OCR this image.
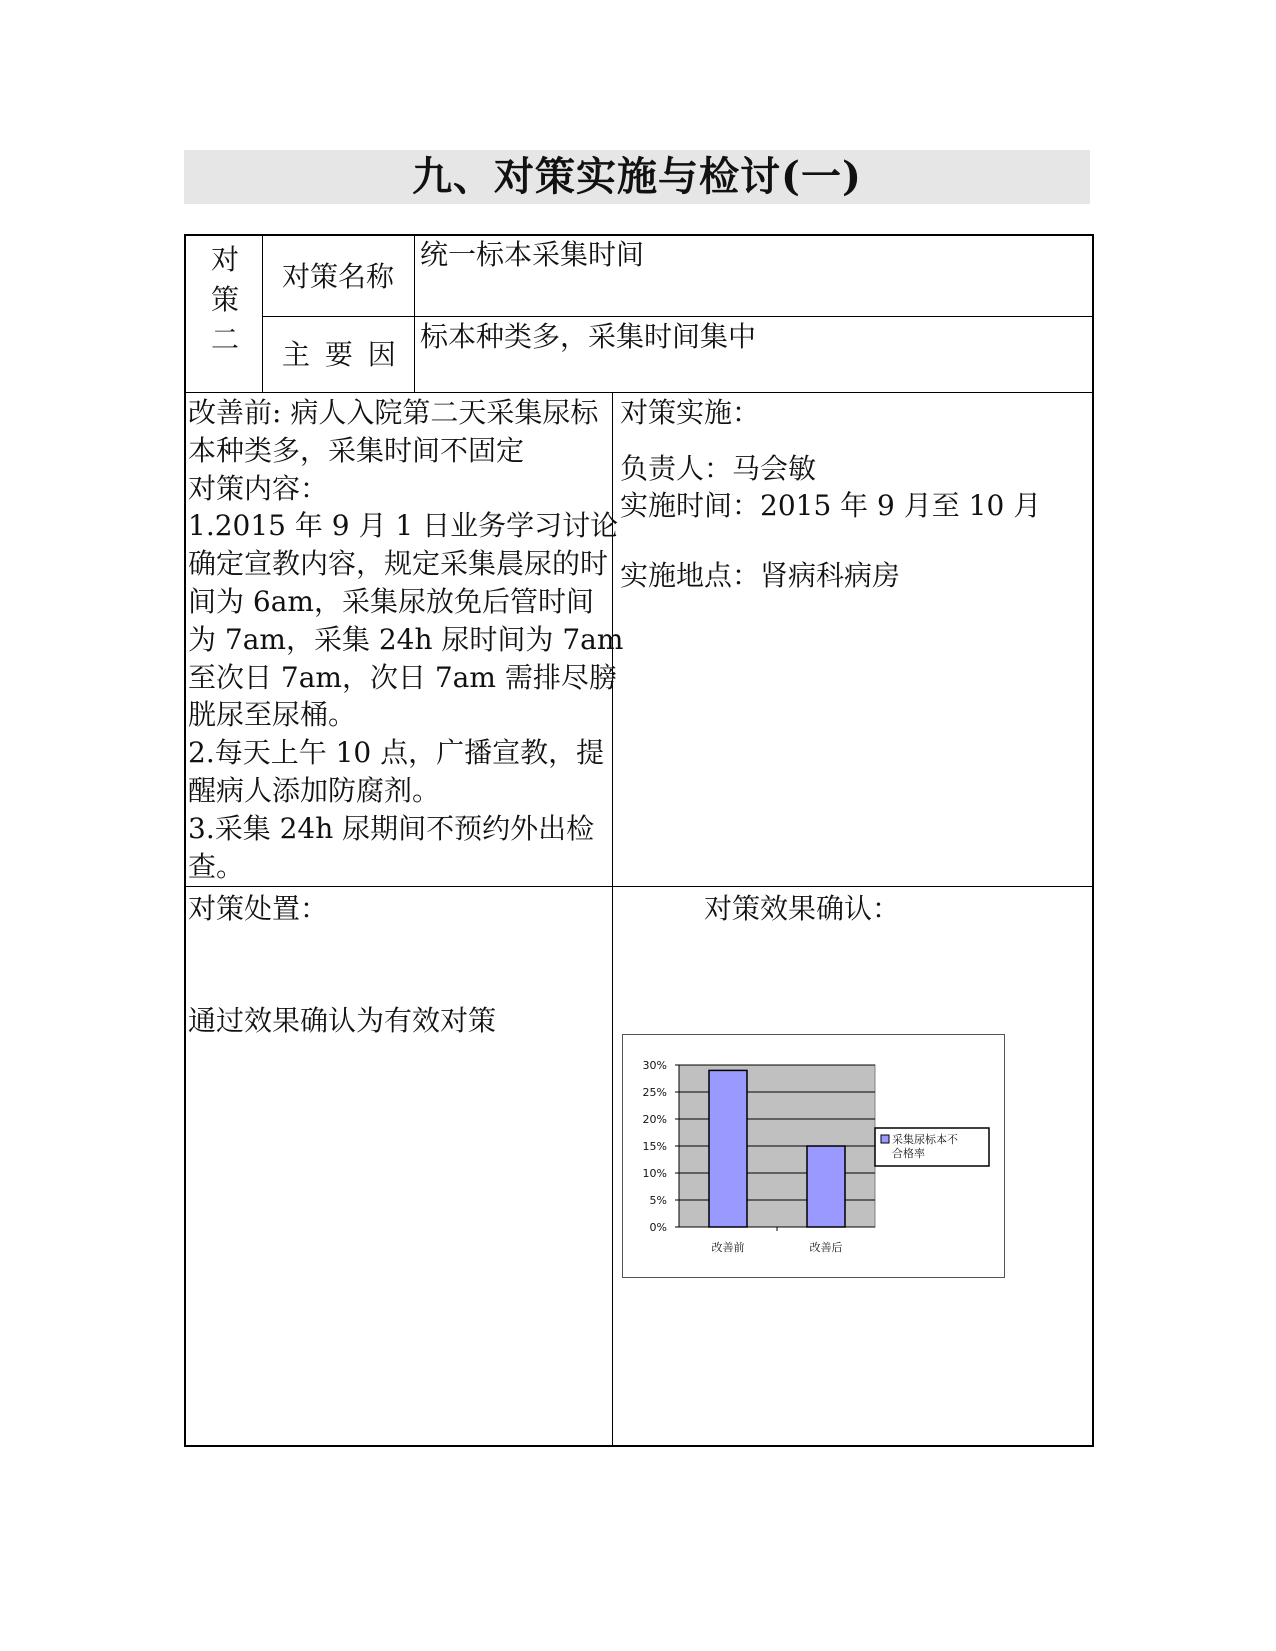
九、对策实施与检讨(一)
对
策
二
对策名称
统一标本采集时间
主 要 因
标本种类多，采集时间集中
改善前: 病人入院第二天采集尿标
本种类多，采集时间不固定
对策内容：
1.2015 年 9 月 1 日业务学习讨论
确定宣教内容，规定采集晨尿的时
间为 6am，采集尿放免后管时间
为 7am，采集 24h 尿时间为 7am
至次日 7am，次日 7am 需排尽膀
胱尿至尿桶。
2.每天上午 10 点，广播宣教，提
醒病人添加防腐剂。
3.采集 24h 尿期间不预约外出检
查。
对策实施：
负责人：马会敏
实施时间：2015 年 9 月至 10 月
实施地点：肾病科病房
对策处置：
通过效果确认为有效对策
对策效果确认：
0%
5%
10%
15%
20%
25%
30%
改善前	改善后
采集尿标本不
合格率
